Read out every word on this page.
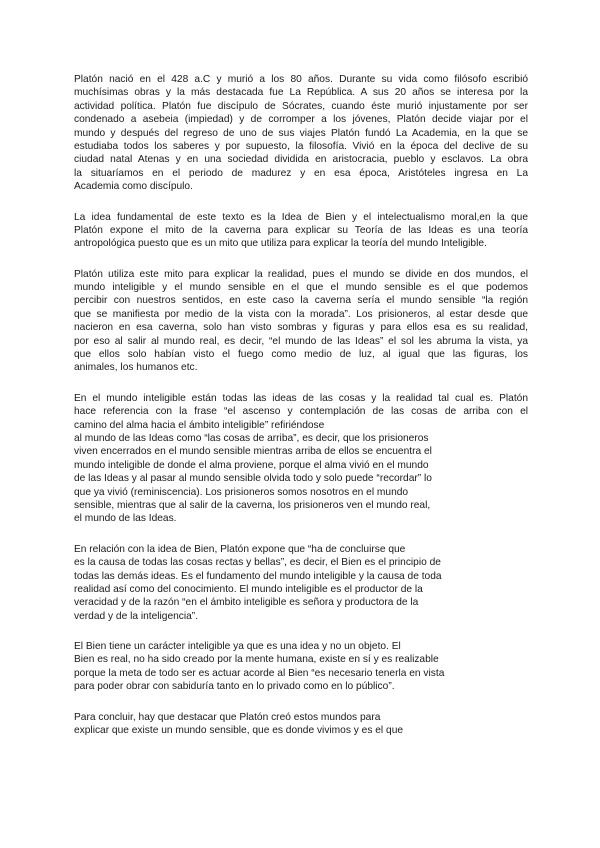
Platón nació en el 428 a.C y murió a los 80 años. Durante su vida como filósofo escribió
muchísimas obras y la más destacada fue La República. A sus 20 años se interesa por la
actividad política. Platón fue discípulo de Sócrates, cuando éste murió injustamente por ser
condenado a asebeia (impiedad) y de corromper a los jóvenes, Platón decide viajar por el
mundo y después del regreso de uno de sus viajes Platón fundó La Academia, en la que se
estudiaba todos los saberes y por supuesto, la filosofía. Vivió en la época del declive de su
ciudad natal Atenas y en una sociedad dividida en aristocracia, pueblo y esclavos. La obra
la situaríamos en el periodo de madurez y en esa época, Aristóteles ingresa en La
Academia como discípulo.
La idea fundamental de este texto es la Idea de Bien y el intelectualismo moral,en la que
Platón expone el mito de la caverna para explicar su Teoría de las Ideas es una teoría
antropológica puesto que es un mito que utiliza para explicar la teoría del mundo Inteligible.
Platón utiliza este mito para explicar la realidad, pues el mundo se divide en dos mundos, el
mundo inteligible y el mundo sensible en el que el mundo sensible es el que podemos
percibir con nuestros sentidos, en este caso la caverna sería el mundo sensible “la región
que se manifiesta por medio de la vista con la morada”. Los prisioneros, al estar desde que
nacieron en esa caverna, solo han visto sombras y figuras y para ellos esa es su realidad,
por eso al salir al mundo real, es decir, “el mundo de las Ideas” el sol les abruma la vista, ya
que ellos solo habían visto el fuego como medio de luz, al igual que las figuras, los
animales, los humanos etc.
En el mundo inteligible están todas las ideas de las cosas y la realidad tal cual es. Platón
hace referencia con la frase “el ascenso y contemplación de las cosas de arriba con el
camino del alma hacia el ámbito inteligible” refiriéndose
al mundo de las Ideas como “las cosas de arriba”, es decir, que los prisioneros
viven encerrados en el mundo sensible mientras arriba de ellos se encuentra el
mundo inteligible de donde el alma proviene, porque el alma vivió en el mundo
de las Ideas y al pasar al mundo sensible olvida todo y solo puede “recordar” lo
que ya vivió (reminiscencia). Los prisioneros somos nosotros en el mundo
sensible, mientras que al salir de la caverna, los prisioneros ven el mundo real,
el mundo de las Ideas.
En relación con la idea de Bien, Platón expone que “ha de concluirse que
es la causa de todas las cosas rectas y bellas”, es decir, el Bien es el principio de
todas las demás ideas. Es el fundamento del mundo inteligible y la causa de toda
realidad así como del conocimiento. El mundo inteligible es el productor de la
veracidad y de la razón “en el ámbito inteligible es señora y productora de la
verdad y de la inteligencia”.
El Bien tiene un carácter inteligible ya que es una idea y no un objeto. El
Bien es real, no ha sido creado por la mente humana, existe en sí y es realizable
porque la meta de todo ser es actuar acorde al Bien “es necesario tenerla en vista
para poder obrar con sabiduría tanto en lo privado como en lo público”.
Para concluir, hay que destacar que Platón creó estos mundos para
explicar que existe un mundo sensible, que es donde vivimos y es el que
